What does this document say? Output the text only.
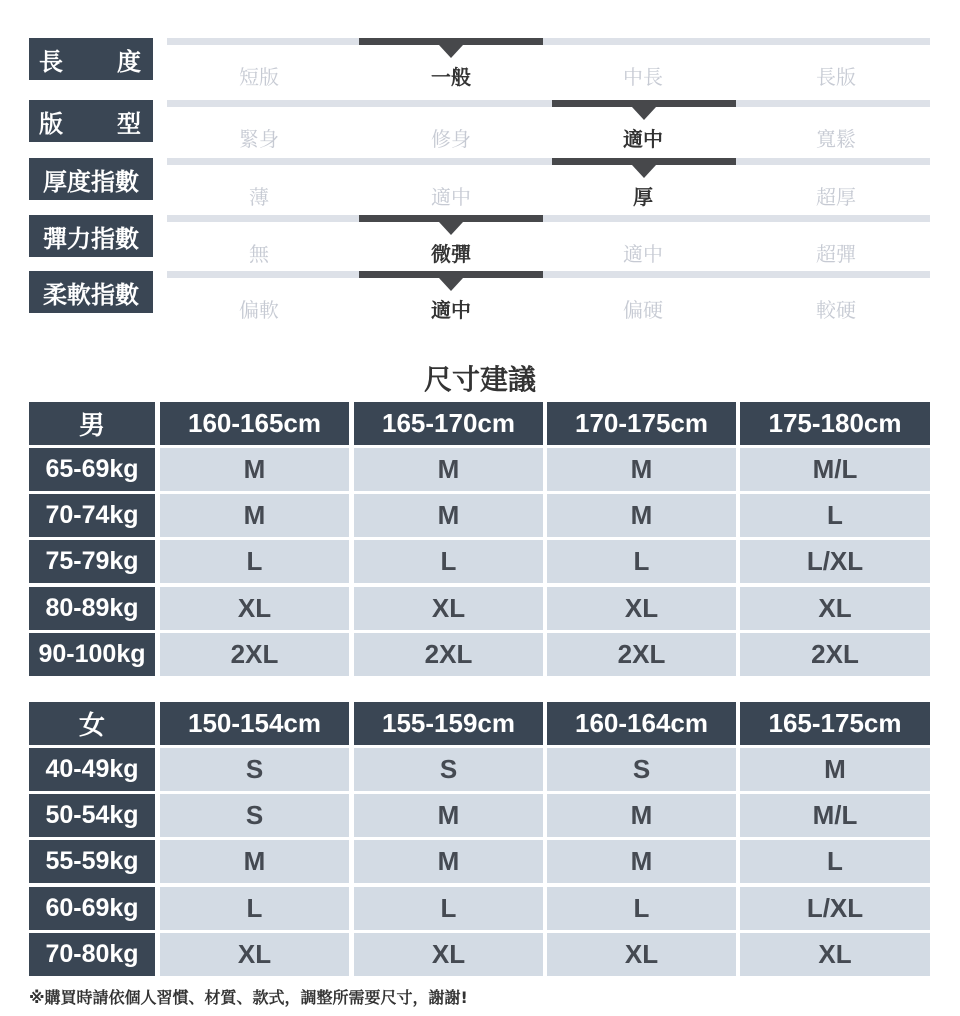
長 度
短版	一般	中長	長版
版 型
緊身	修身	適中	寬鬆
厚度指數
薄	適中	厚	超厚
彈力指數
無	微彈	適中	超彈
柔軟指數
偏軟	適中	偏硬	較硬
尺寸建議
男	160-165cm	165-170cm	170-175cm	175-180cm
65-69kg	M	M	M	M/L
70-74kg	M	M	M	L
75-79kg	L	L	L	L/XL
80-89kg	XL	XL	XL	XL
90-100kg	2XL	2XL	2XL	2XL
女	150-154cm	155-159cm	160-164cm	165-175cm
40-49kg	S	S	S	M
50-54kg	S	M	M	M/L
55-59kg	M	M	M	L
60-69kg	L	L	L	L/XL
70-80kg	XL	XL	XL	XL
※購買時請依個人習慣、材質、款式，調整所需要尺寸，謝謝!
